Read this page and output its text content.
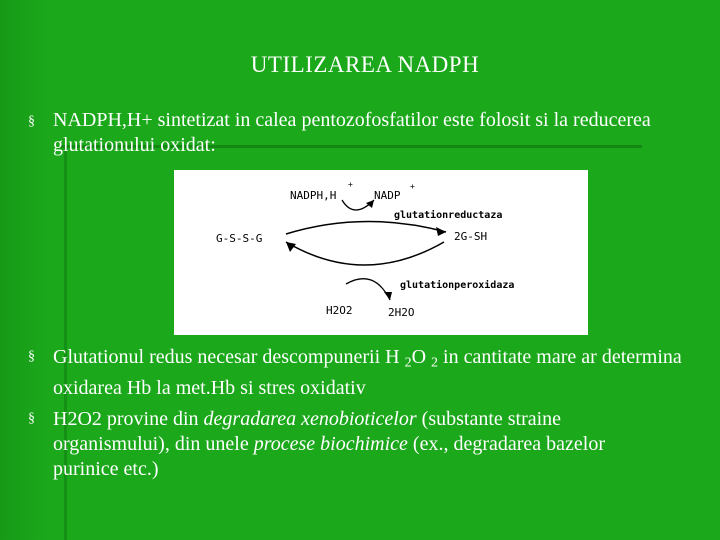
UTILIZAREA NADPH
§ NADPH,H+ sintetizat in calea pentozofosfatilor este folosit si la reducerea glutationului oxidat:
NADPH,H
+
NADP
+
glutationreductaza
G-S-S-G	2G-SH
glutationperoxidaza
H2O2	2H2O
§ Glutationul redus necesar descompunerii H $_2$O $_2$ in cantitate mare ar determina oxidarea Hb la met.Hb si stres oxidativ
§ H2O2 provine din degradarea xenobioticelor (substante straine organismului), din unele procese biochimice (ex., degradarea bazelor purinice etc.)
